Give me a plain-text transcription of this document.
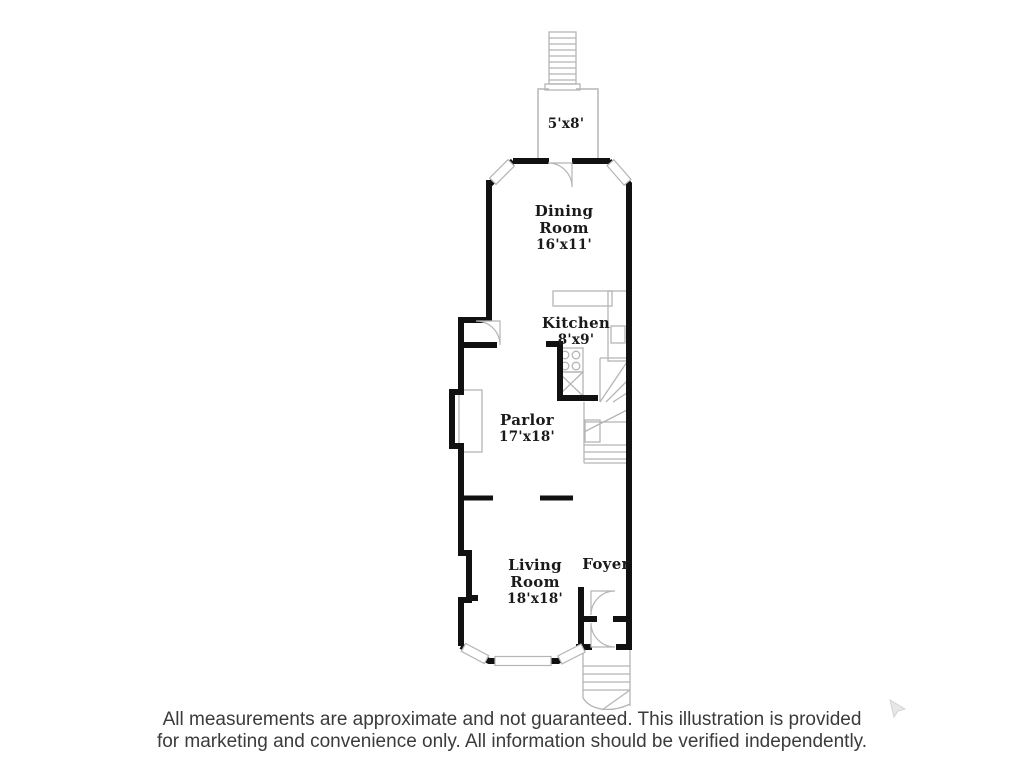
5'x8'
Dining
Room
16'x11'
Kitchen
8'x9'
Parlor
17'x18'
Living
Room
18'x18'
Foyer
All measurements are approximate and not guaranteed. This illustration is provided
for marketing and convenience only. All information should be verified independently.
